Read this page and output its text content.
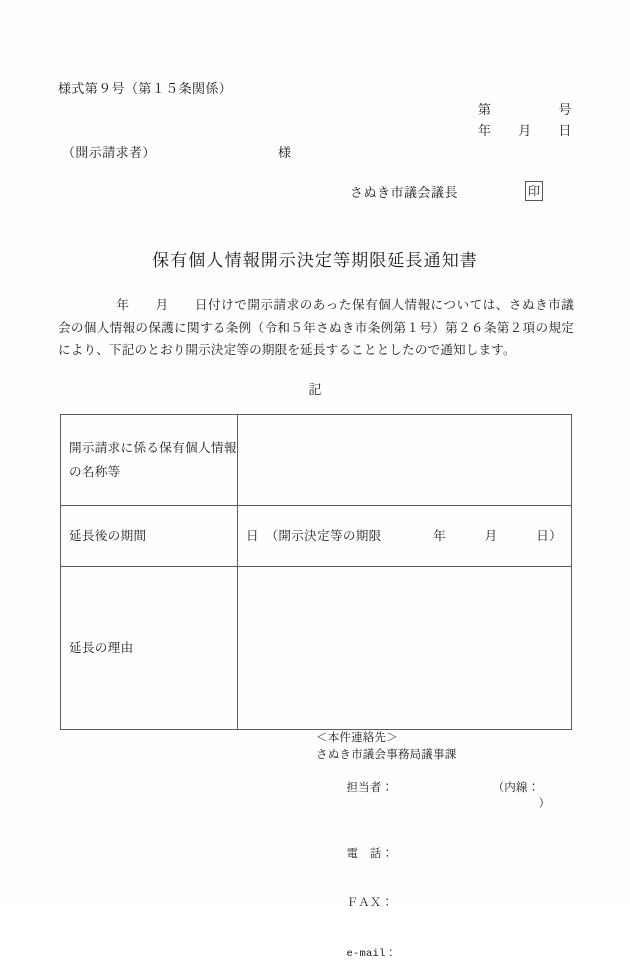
様式第９号（第１５条関係）
第　　　　　号
年　　月　　日
（開示請求者）	様
さぬき市議会議長	印
保有個人情報開示決定等期限延長通知書
年　　月　　日付けで開示請求のあった保有個人情報については、さぬき市議会の個人情報の保護に関する条例（令和５年さぬき市条例第１号）第２６条第２項の規定により、下記のとおり開示決定等の期限を延長することとしたので通知します。
記
開示請求に係る保有個人情報 の名称等	
延長後の期間	日　（開示決定等の期限　　　　年　　　月　　　日）
延長の理由	
＜本件連絡先＞
さぬき市議会事務局議事課

担当者：
	（内線：
）

電　話：

ＦＡＸ：

e-mail：
